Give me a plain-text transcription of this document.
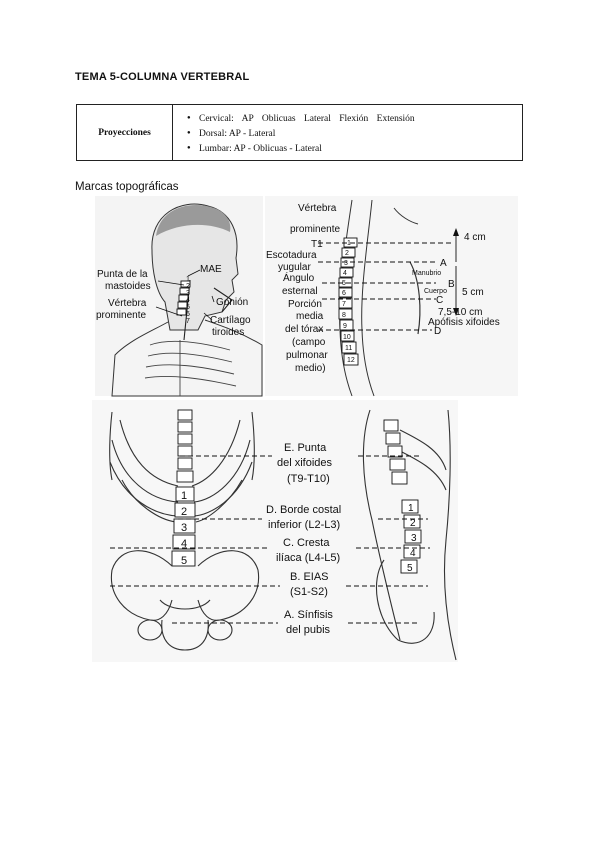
TEMA 5-COLUMNA VERTEBRAL
Proyecciones
● Cervical: AP Oblicuas Lateral Flexión Extensión
● Dorsal: AP - Lateral
● Lumbar: AP - Oblicuas - Lateral
Marcas topográficas
1
2
3
4
5
6
7
MAE
Punta de la
mastoides
Vértebra
prominente
Gonión
Cartílago
tiroides
1
2
3
4
5
6
7
8
9
10
11
12
Vértebra
prominente
T1
Escotadura
yugular
Ángulo
esternal
Porción
media
del tórax
(campo
pulmonar
medio)
A
B
C
D
Manubrio
Cuerpo
4 cm
5 cm
7,5-10 cm
Apófisis xifoides
1
2
3
4
5
1
2
3
4
5
E. Punta
del xifoides
(T9-T10)
D. Borde costal
inferior (L2-L3)
C. Cresta
ilíaca (L4-L5)
B. EIAS
(S1-S2)
A. Sínfisis
del pubis
